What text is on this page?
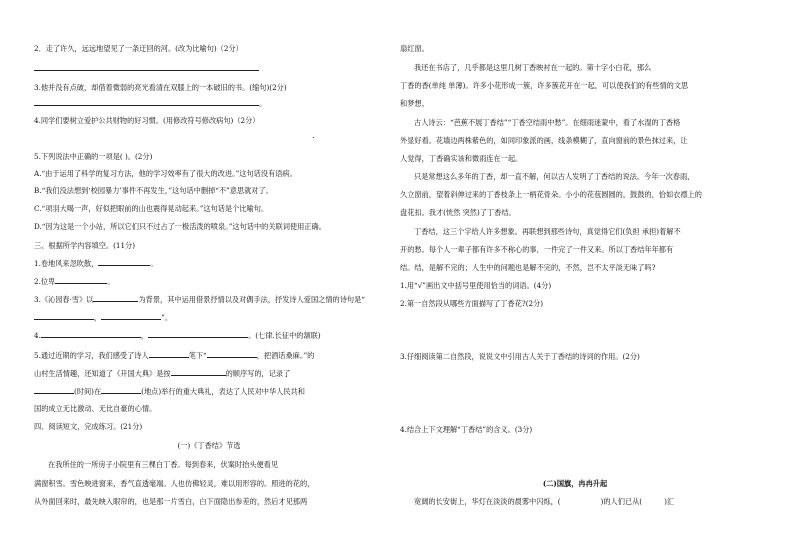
2．走了许久，远远地望见了一条迂回的河。(改为比喻句)（2分）
3.他并没有点破，却借着微弱的亮光看清在双膝上的一本破旧的书。(缩句)(2分)
。
4.同学们要树立爱护公共财物的好习惯。(用修改符号修改病句)（2分）
.
5.下列说法中正确的一项是( )。(2分)
A.“由于运用了科学的复习方法，他的学习效率有了很大的改进。”这句话没有语病。
B.“我们没法想到‘校园暴力’事件不再发生，”这句话中删掉“不”意思就对了。
C.“项羽大喝一声，好似把眼前的山也震得晃动起来。”这句话是个比喻句。
D.“因为这是一个小站，所以它们只不过占了一极活泼的喷泉。”这句话中的关联词使用正确。
三、根据所学内容填空。(11分)
1.卷地风来忽吹散，	。
2.位卑	。
3.《沁园春·雪》以	为背景，其中运用借景抒情以及对偶手法，抒发诗人爱国之情的诗句是“
，	”。
4.	，	。(七律.长征中的颔联)
5.通过近期的学习，我们感受了诗人	笔下“	，把酒话桑麻。”的
山村生活情趣，还知道了《开国大典》是按	的顺序写的，记录了
(时间)在	(地点)举行的重大典礼，表达了人民对中华人民共和
国的成立无比激动、无比自豪的心情。
四、阅读短文，完成练习。(21分)
(一)《丁香结》节选
在我所住的一所房子小院里有三棵白丁香。每到春来，伏案时抬头便看见
满窗积雪。雪色映进窗来，香气直透毫端。人也仿佛轻灵，难以用形容的。照进的花的，
从外面回来时，最先映入眼帘的，也是那一片雪白，白下面隐出参差的，然后才见那两
扇红窗。
我还在书店了，几乎都是这里几树丁香映衬在一起的。第十字小白花，那么
丁香的香(单纯 单薄)。许多小花形成一簇，许多簇花开在一起，可以使我们的有些情的文思
和梦想。
古人诗云：“芭蕉不展丁香结”“丁香空结雨中愁”。在细雨迷蒙中，看了水湿的丁香格
外显好看。花墙边两株紫色的，如同印象派的画，线条模糊了，直向窗前的景色抹过来，让
人觉得，丁香确实该和微雨连在一起。
只是常想这么多年的丁香，却一直不解，何以古人发明了丁香结的说法。今年一次春雨，
久立窗前，望着斜伸过来的丁香枝条上一柄花骨朵。小小的花苞圆圆的，鼓鼓的，恰如衣襟上的
盘花扣。我才(恍然 突然)了丁香结。
丁香结，这三个字给人许多想象。再联想到那些诗句，真觉得它们(负担 承担)着解不
开的愁。每个人一辈子都有许多不称心的事，一件完了一件又来。所以丁香结年年都有
结。结，是解不完的；人生中的问题也是解不完的，不然，岂不太平淡无味了吗?
1.用“√”画出文中括号里使用恰当的词语。(4分)
2.第一自然段从哪些方面描写了丁香花?(2分)
3.仔细阅读第二自然段，说说文中引用古人关于丁香结的诗词的作用。(2分)
4.结合上下文理解“丁香结”的含义。(3分)
(二)国旗，冉冉升起
宽阔的长安街上，华灯在淡淡的晨雾中闪烁，(	)的人们已从(	)汇
